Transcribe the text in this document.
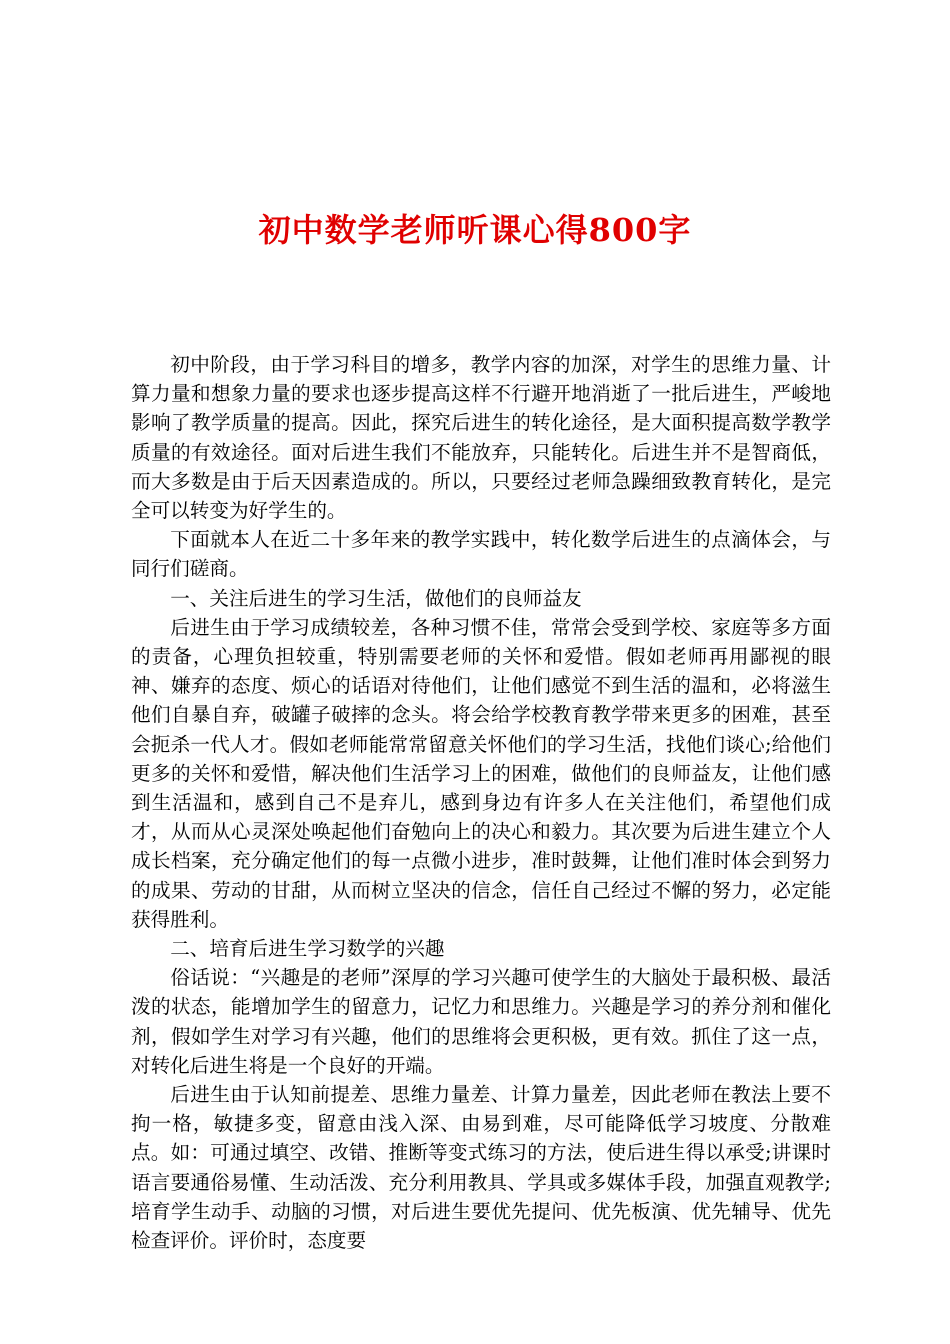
初中数学老师听课心得800字

初中阶段，由于学习科目的增多，教学内容的加深，对学生的思维力量、计算力量和想象力量的要求也逐步提高这样不行避开地消逝了一批后进生，严峻地影响了教学质量的提高。因此，探究后进生的转化途径，是大面积提高数学教学质量的有效途径。面对后进生我们不能放弃，只能转化。后进生并不是智商低，而大多数是由于后天因素造成的。所以，只要经过老师急躁细致教育转化，是完全可以转变为好学生的。

下面就本人在近二十多年来的教学实践中，转化数学后进生的点滴体会，与同行们磋商。

一、关注后进生的学习生活，做他们的良师益友

后进生由于学习成绩较差，各种习惯不佳，常常会受到学校、家庭等多方面的责备，心理负担较重，特别需要老师的关怀和爱惜。假如老师再用鄙视的眼神、嫌弃的态度、烦心的话语对待他们，让他们感觉不到生活的温和，必将滋生他们自暴自弃，破罐子破摔的念头。将会给学校教育教学带来更多的困难，甚至会扼杀一代人才。假如老师能常常留意关怀他们的学习生活，找他们谈心;给他们更多的关怀和爱惜，解决他们生活学习上的困难，做他们的良师益友，让他们感到生活温和，感到自己不是弃儿，感到身边有许多人在关注他们，希望他们成才，从而从心灵深处唤起他们奋勉向上的决心和毅力。其次要为后进生建立个人成长档案，充分确定他们的每一点微小进步，准时鼓舞，让他们准时体会到努力的成果、劳动的甘甜，从而树立坚决的信念，信任自己经过不懈的努力，必定能获得胜利。

二、培育后进生学习数学的兴趣

俗话说：“兴趣是的老师”深厚的学习兴趣可使学生的大脑处于最积极、最活泼的状态，能增加学生的留意力，记忆力和思维力。兴趣是学习的养分剂和催化剂，假如学生对学习有兴趣，他们的思维将会更积极，更有效。抓住了这一点，对转化后进生将是一个良好的开端。

后进生由于认知前提差、思维力量差、计算力量差，因此老师在教法上要不拘一格，敏捷多变，留意由浅入深、由易到难，尽可能降低学习坡度、分散难点。如：可通过填空、改错、推断等变式练习的方法，使后进生得以承受;讲课时语言要通俗易懂、生动活泼、充分利用教具、学具或多媒体手段，加强直观教学;培育学生动手、动脑的习惯，对后进生要优先提问、优先板演、优先辅导、优先检查评价。评价时，态度要
